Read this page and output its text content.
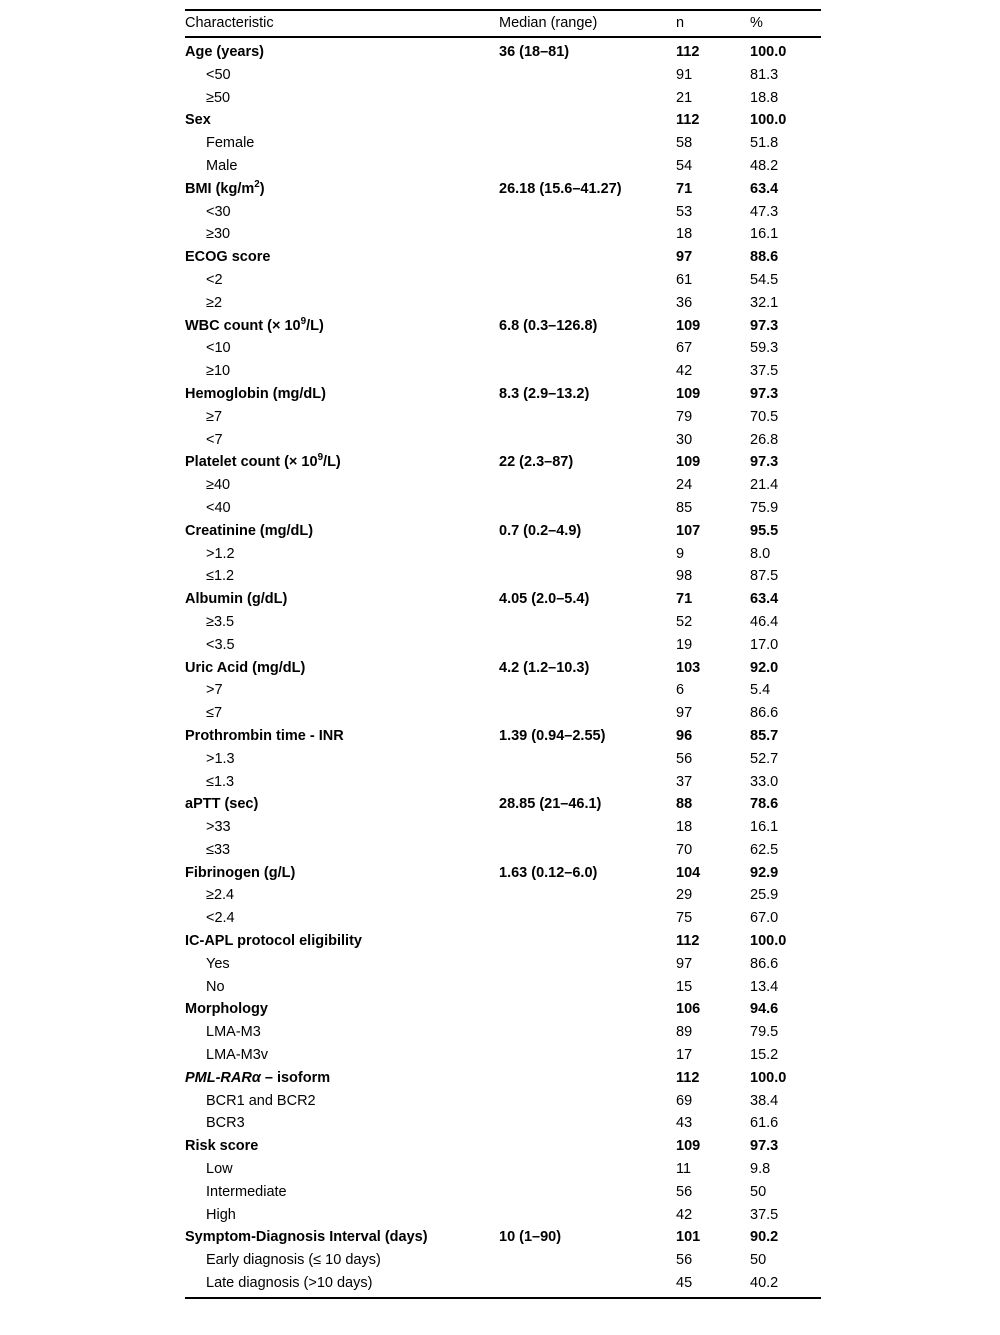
Characteristic	Median (range)	n	%
Age (years)	36 (18–81)	112	100.0
<50		91	81.3
≥50		21	18.8
Sex		112	100.0
Female		58	51.8
Male		54	48.2
BMI $(kg/m^2)$	26.18 (15.6–41.27)	71	63.4
<30		53	47.3
≥30		18	16.1
ECOG score		97	88.6
<2		61	54.5
≥2		36	32.1
WBC count (× $10^9/L$)	6.8 (0.3–126.8)	109	97.3
<10		67	59.3
≥10		42	37.5
Hemoglobin (mg/dL)	8.3 (2.9–13.2)	109	97.3
≥7		79	70.5
<7		30	26.8
Platelet count (× $10^9/L$)	22 (2.3–87)	109	97.3
≥40		24	21.4
<40		85	75.9
Creatinine (mg/dL)	0.7 (0.2–4.9)	107	95.5
>1.2		9	8.0
≤1.2		98	87.5
Albumin (g/dL)	4.05 (2.0–5.4)	71	63.4
≥3.5		52	46.4
<3.5		19	17.0
Uric Acid (mg/dL)	4.2 (1.2–10.3)	103	92.0
>7		6	5.4
≤7		97	86.6
Prothrombin time - INR	1.39 (0.94–2.55)	96	85.7
>1.3		56	52.7
≤1.3		37	33.0
aPTT (sec)	28.85 (21–46.1)	88	78.6
>33		18	16.1
≤33		70	62.5
Fibrinogen (g/L)	1.63 (0.12–6.0)	104	92.9
≥2.4		29	25.9
<2.4		75	67.0
IC-APL protocol eligibility		112	100.0
Yes		97	86.6
No		15	13.4
Morphology		106	94.6
LMA-M3		89	79.5
LMA-M3v		17	15.2
PML-RARα – isoform		112	100.0
BCR1 and BCR2		69	38.4
BCR3		43	61.6
Risk score		109	97.3
Low		11	9.8
Intermediate		56	50
High		42	37.5
Symptom-Diagnosis Interval (days)	10 (1–90)	101	90.2
Early diagnosis (≤ 10 days)		56	50
Late diagnosis (>10 days)		45	40.2
